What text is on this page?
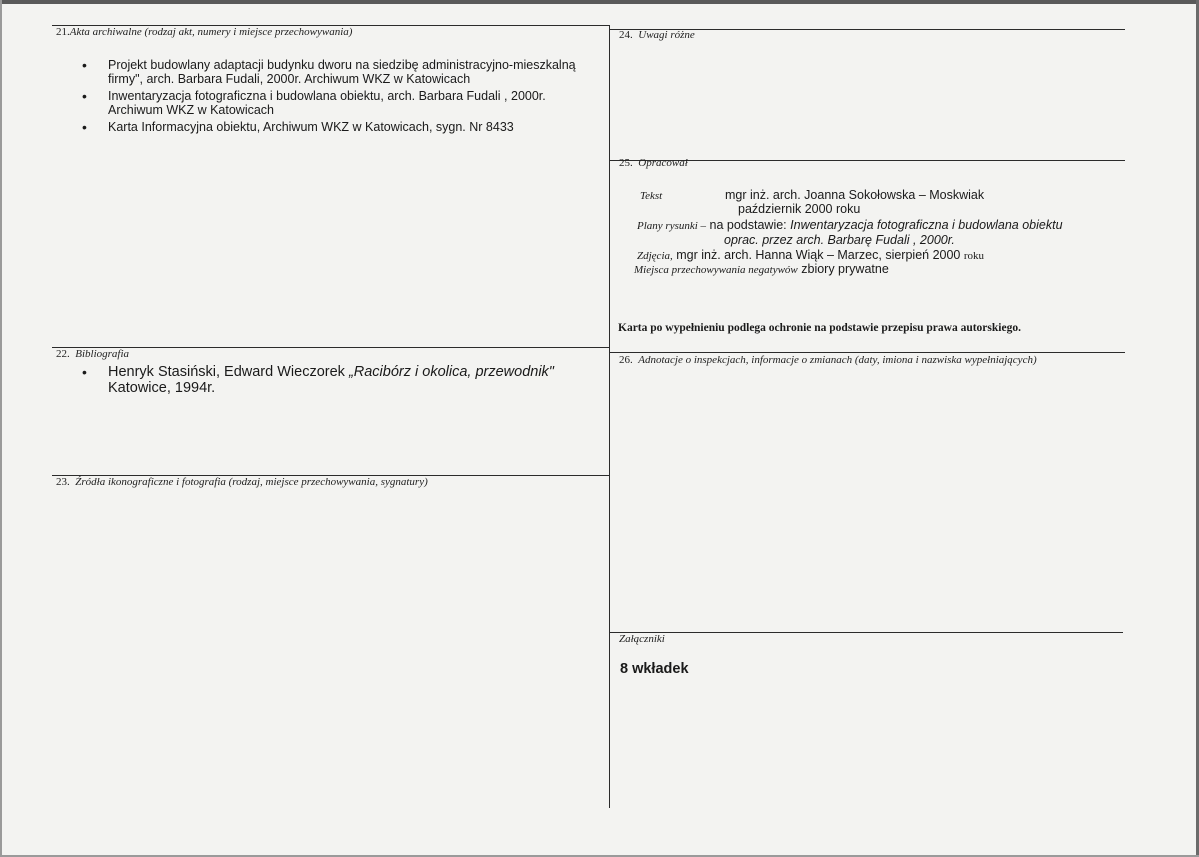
21.Akta archiwalne (rodzaj akt, numery i miejsce przechowywania)
• Projekt budowlany adaptacji budynku dworu na siedzibę administracyjno-mieszkalną firmy", arch. Barbara Fudali, 2000r. Archiwum WKZ w Katowicach
• Inwentaryzacja fotograficzna i budowlana obiektu, arch. Barbara Fudali , 2000r. Archiwum WKZ w Katowicach
• Karta Informacyjna obiektu, Archiwum WKZ w Katowicach, sygn. Nr 8433
22. Bibliografia
• Henryk Stasiński, Edward Wieczorek „Racibórz i okolica, przewodnik"
Katowice, 1994r.
23. Źródła ikonograficzne i fotografia (rodzaj, miejsce przechowywania, sygnatury)
24. Uwagi różne
25. Opracował
Tekst	mgr inż. arch. Joanna Sokołowska – Moskwiak
październik 2000 roku
Plany rysunki – na podstawie: Inwentaryzacja fotograficzna i budowlana obiektu
oprac. przez arch. Barbarę Fudali , 2000r.
Zdjęcia, mgr inż. arch. Hanna Wiąk – Marzec, sierpień 2000 roku
Miejsca przechowywania negatywów zbiory prywatne
Karta po wypełnieniu podlega ochronie na podstawie przepisu prawa autorskiego.
26. Adnotacje o inspekcjach, informacje o zmianach (daty, imiona i nazwiska wypełniających)
Załączniki
8 wkładek
